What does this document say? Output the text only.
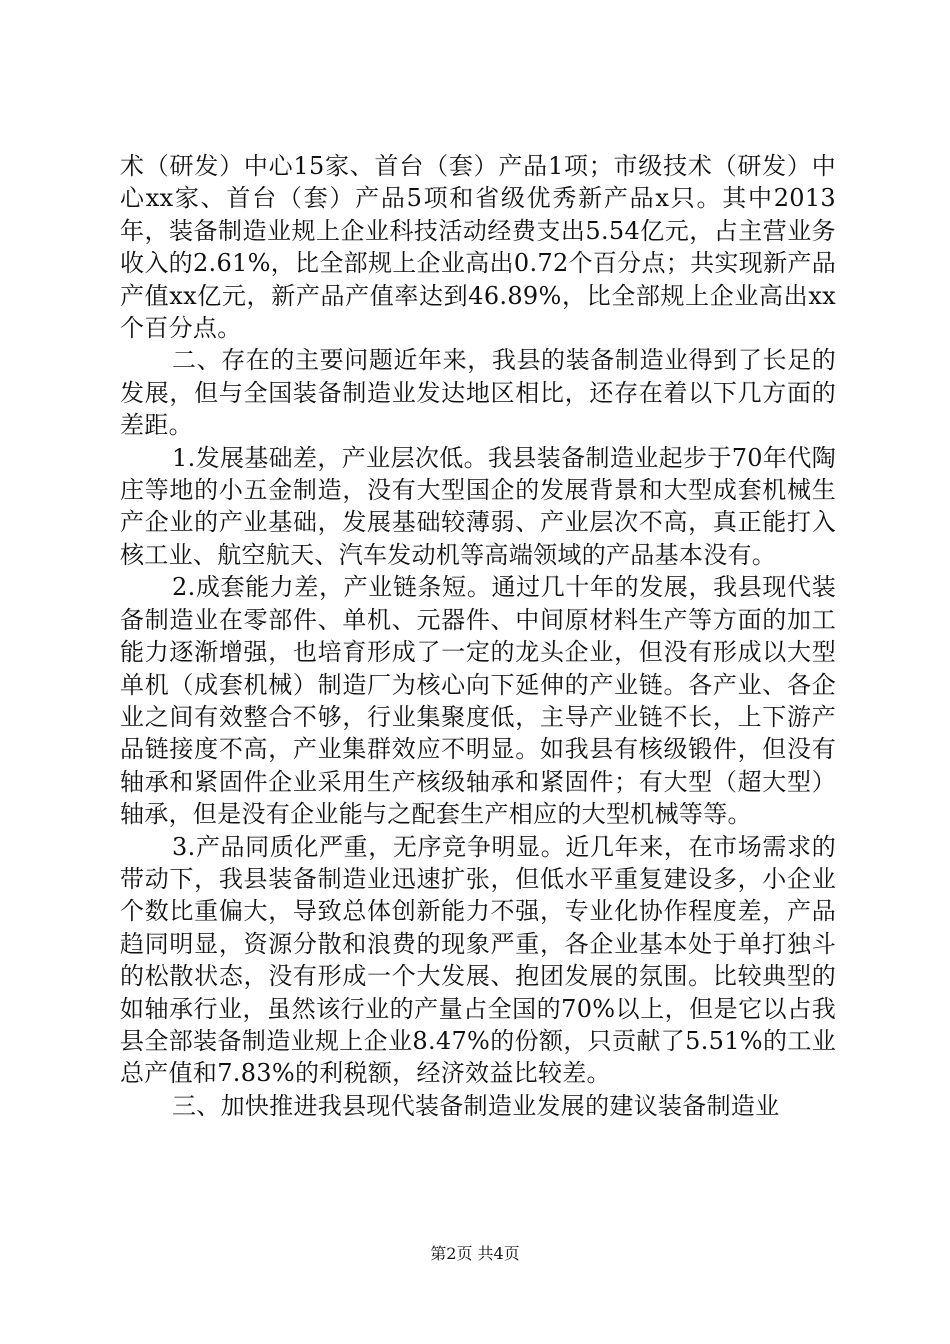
术（研发）中心15家、首台（套）产品1项；市级技术（研发）中心xx家、首台（套）产品5项和省级优秀新产品x只。其中2013年，装备制造业规上企业科技活动经费支出5.54亿元，占主营业务收入的2.61%，比全部规上企业高出0.72个百分点；共实现新产品产值xx亿元，新产品产值率达到46.89%，比全部规上企业高出xx个百分点。

二、存在的主要问题近年来，我县的装备制造业得到了长足的发展，但与全国装备制造业发达地区相比，还存在着以下几方面的差距。

1.发展基础差，产业层次低。我县装备制造业起步于70年代陶庄等地的小五金制造，没有大型国企的发展背景和大型成套机械生产企业的产业基础，发展基础较薄弱、产业层次不高，真正能打入核工业、航空航天、汽车发动机等高端领域的产品基本没有。

2.成套能力差，产业链条短。通过几十年的发展，我县现代装备制造业在零部件、单机、元器件、中间原材料生产等方面的加工能力逐渐增强，也培育形成了一定的龙头企业，但没有形成以大型单机（成套机械）制造厂为核心向下延伸的产业链。各产业、各企业之间有效整合不够，行业集聚度低，主导产业链不长，上下游产品链接度不高，产业集群效应不明显。如我县有核级锻件，但没有轴承和紧固件企业采用生产核级轴承和紧固件；有大型（超大型）轴承，但是没有企业能与之配套生产相应的大型机械等等。

3.产品同质化严重，无序竞争明显。近几年来，在市场需求的带动下，我县装备制造业迅速扩张，但低水平重复建设多，小企业个数比重偏大，导致总体创新能力不强，专业化协作程度差，产品趋同明显，资源分散和浪费的现象严重，各企业基本处于单打独斗的松散状态，没有形成一个大发展、抱团发展的氛围。比较典型的如轴承行业，虽然该行业的产量占全国的70%以上，但是它以占我县全部装备制造业规上企业8.47%的份额，只贡献了5.51%的工业总产值和7.83%的利税额，经济效益比较差。

三、加快推进我县现代装备制造业发展的建议装备制造业

第2页 共4页
